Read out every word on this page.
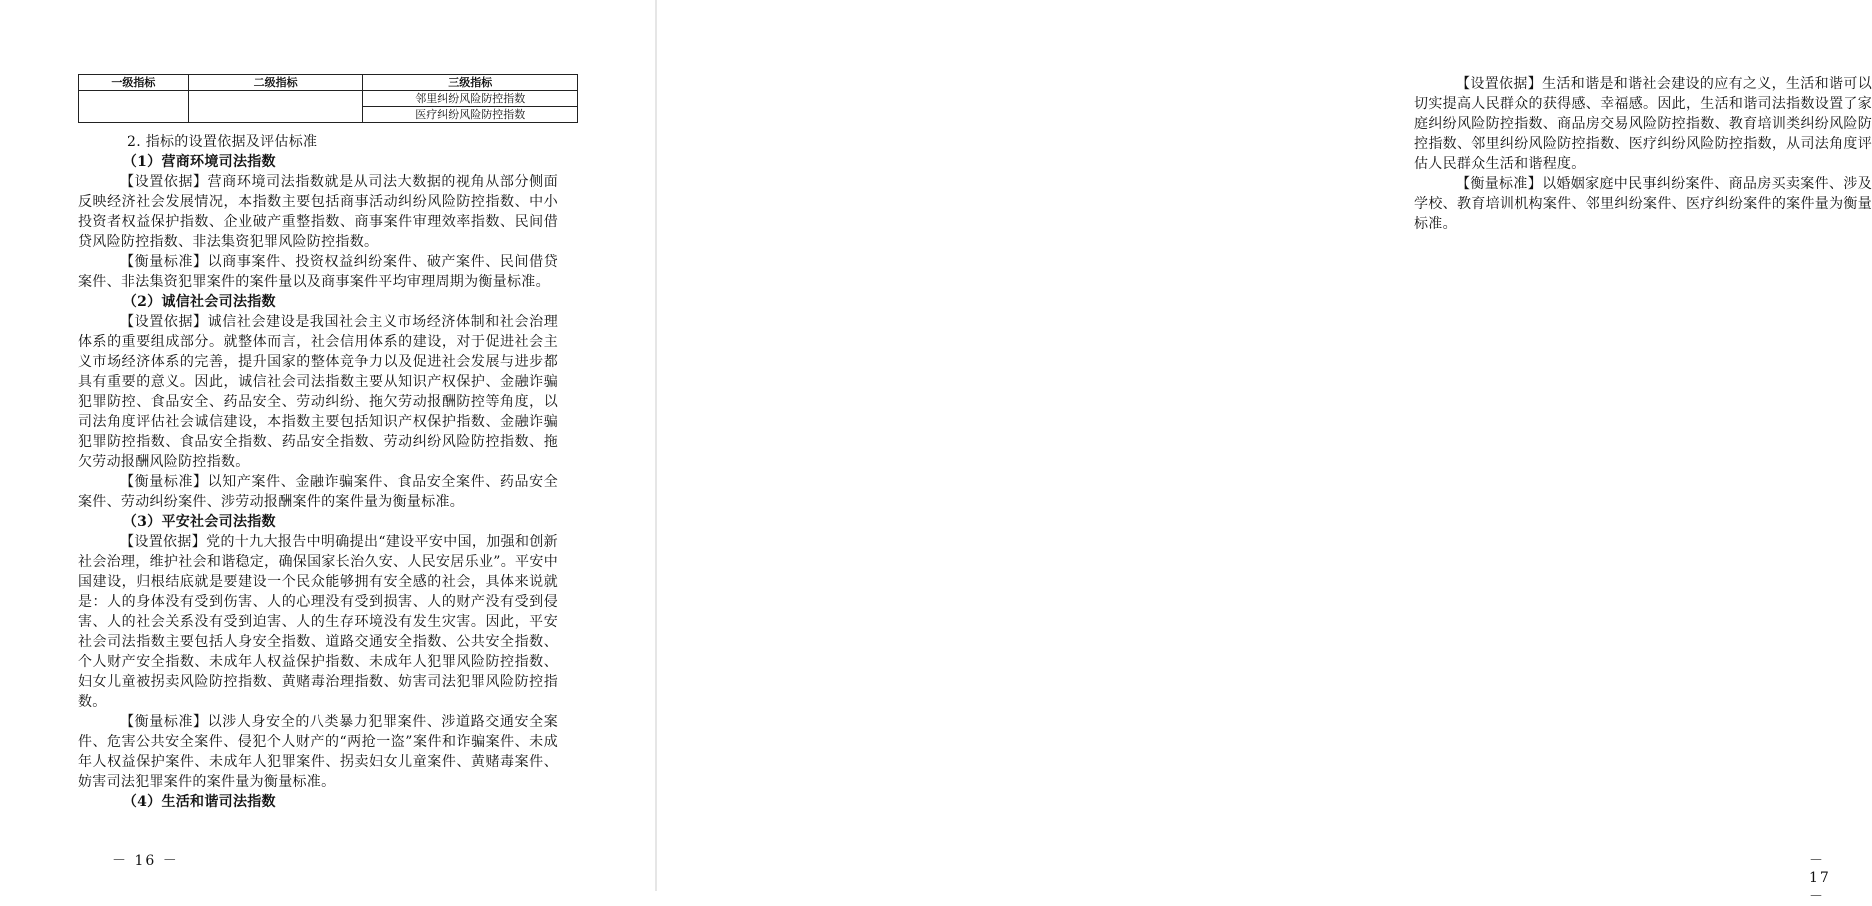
一级指标	二级指标	三级指标
		邻里纠纷风险防控指数
		医疗纠纷风险防控指数

2. 指标的设置依据及评估标准

（1）营商环境司法指数

【设置依据】营商环境司法指数就是从司法大数据的视角从部分侧面反映经济社会发展情况，本指数主要包括商事活动纠纷风险防控指数、中小投资者权益保护指数、企业破产重整指数、商事案件审理效率指数、民间借贷风险防控指数、非法集资犯罪风险防控指数。

【衡量标准】以商事案件、投资权益纠纷案件、破产案件、民间借贷案件、非法集资犯罪案件的案件量以及商事案件平均审理周期为衡量标准。

（2）诚信社会司法指数

【设置依据】诚信社会建设是我国社会主义市场经济体制和社会治理体系的重要组成部分。就整体而言，社会信用体系的建设，对于促进社会主义市场经济体系的完善，提升国家的整体竞争力以及促进社会发展与进步都具有重要的意义。因此，诚信社会司法指数主要从知识产权保护、金融诈骗犯罪防控、食品安全、药品安全、劳动纠纷、拖欠劳动报酬防控等角度，以司法角度评估社会诚信建设，本指数主要包括知识产权保护指数、金融诈骗犯罪防控指数、食品安全指数、药品安全指数、劳动纠纷风险防控指数、拖欠劳动报酬风险防控指数。

【衡量标准】以知产案件、金融诈骗案件、食品安全案件、药品安全案件、劳动纠纷案件、涉劳动报酬案件的案件量为衡量标准。

（3）平安社会司法指数

【设置依据】党的十九大报告中明确提出“建设平安中国，加强和创新社会治理，维护社会和谐稳定，确保国家长治久安、人民安居乐业”。平安中国建设，归根结底就是要建设一个民众能够拥有安全感的社会，具体来说就是：人的身体没有受到伤害、人的心理没有受到损害、人的财产没有受到侵害、人的社会关系没有受到迫害、人的生存环境没有发生灾害。因此，平安社会司法指数主要包括人身安全指数、道路交通安全指数、公共安全指数、个人财产安全指数、未成年人权益保护指数、未成年人犯罪风险防控指数、妇女儿童被拐卖风险防控指数、黄赌毒治理指数、妨害司法犯罪风险防控指数。

【衡量标准】以涉人身安全的八类暴力犯罪案件、涉道路交通安全案件、危害公共安全案件、侵犯个人财产的“两抢一盗”案件和诈骗案件、未成年人权益保护案件、未成年人犯罪案件、拐卖妇女儿童案件、黄赌毒案件、妨害司法犯罪案件的案件量为衡量标准。

（4）生活和谐司法指数

－ 16 －

【设置依据】生活和谐是和谐社会建设的应有之义，生活和谐可以切实提高人民群众的获得感、幸福感。因此，生活和谐司法指数设置了家庭纠纷风险防控指数、商品房交易风险防控指数、教育培训类纠纷风险防控指数、邻里纠纷风险防控指数、医疗纠纷风险防控指数，从司法角度评估人民群众生活和谐程度。

【衡量标准】以婚姻家庭中民事纠纷案件、商品房买卖案件、涉及学校、教育培训机构案件、邻里纠纷案件、医疗纠纷案件的案件量为衡量标准。

－ 17 －
